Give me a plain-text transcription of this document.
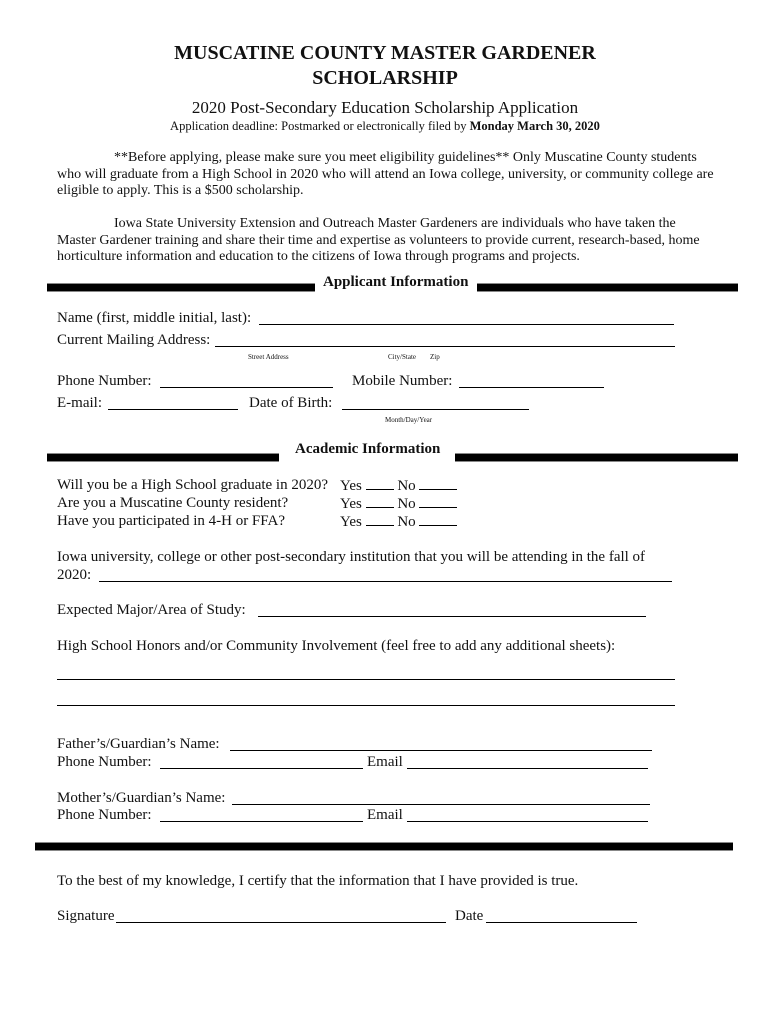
MUSCATINE COUNTY MASTER GARDENER
SCHOLARSHIP
2020 Post-Secondary Education Scholarship Application
Application deadline: Postmarked or electronically filed by Monday March 30, 2020
**Before applying, please make sure you meet eligibility guidelines** Only Muscatine County students who will graduate from a High School in 2020 who will attend an Iowa college, university, or community college are eligible to apply. This is a $500 scholarship.
Iowa State University Extension and Outreach Master Gardeners are individuals who have taken the Master Gardener training and share their time and expertise as volunteers to provide current, research-based, home horticulture information and education to the citizens of Iowa through programs and projects.
Applicant Information
Name (first, middle initial, last):
Current Mailing Address:
Street Address	City/State Zip
Phone Number:	Mobile Number:
E-mail:	Date of Birth:
Month/Day/Year
Academic Information
Will you be a High School graduate in 2020? Yes No
Are you a Muscatine County resident?	Yes No
Have you participated in 4-H or FFA?	Yes No
Iowa university, college or other post-secondary institution that you will be attending in the fall of
2020:
Expected Major/Area of Study:
High School Honors and/or Community Involvement (feel free to add any additional sheets):
Father’s/Guardian’s Name:
Phone Number:	Email
Mother’s/Guardian’s Name:
Phone Number:	Email
To the best of my knowledge, I certify that the information that I have provided is true.
Signature	Date
